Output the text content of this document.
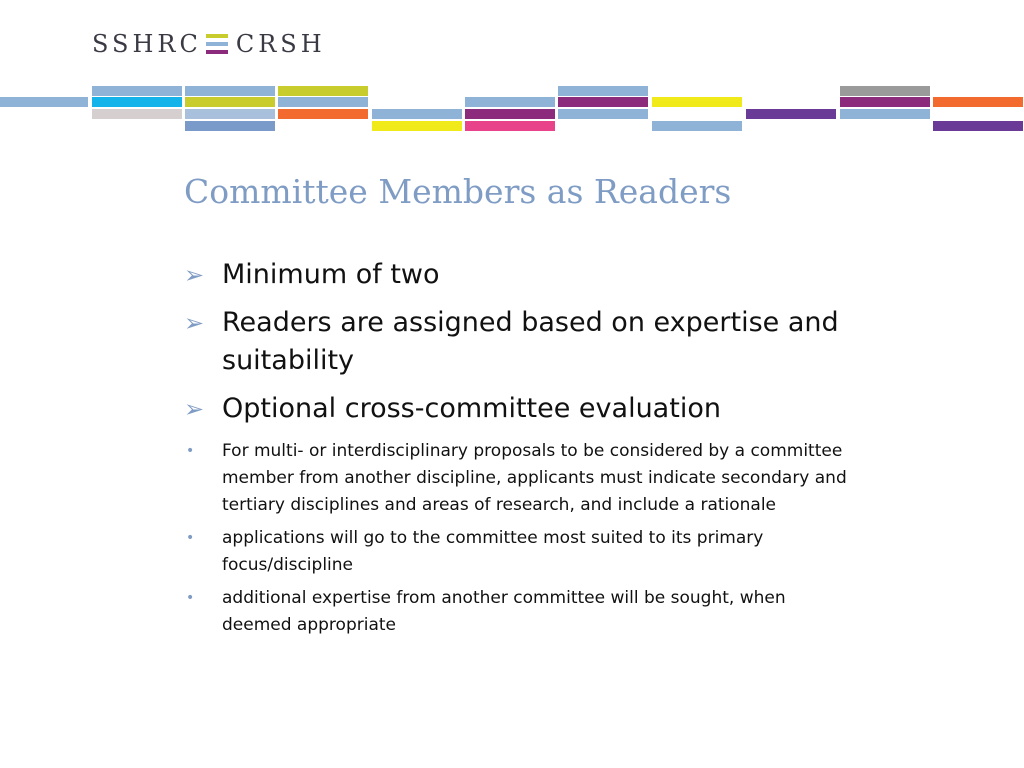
SSHRC CRSH
Committee Members as Readers
➢ Minimum of two
➢ Readers are assigned based on expertise and suitability
➢ Optional cross-committee evaluation
• For multi- or interdisciplinary proposals to be considered by a committee member from another discipline, applicants must indicate secondary and tertiary disciplines and areas of research, and include a rationale
• applications will go to the committee most suited to its primary focus/discipline
• additional expertise from another committee will be sought, when deemed appropriate
